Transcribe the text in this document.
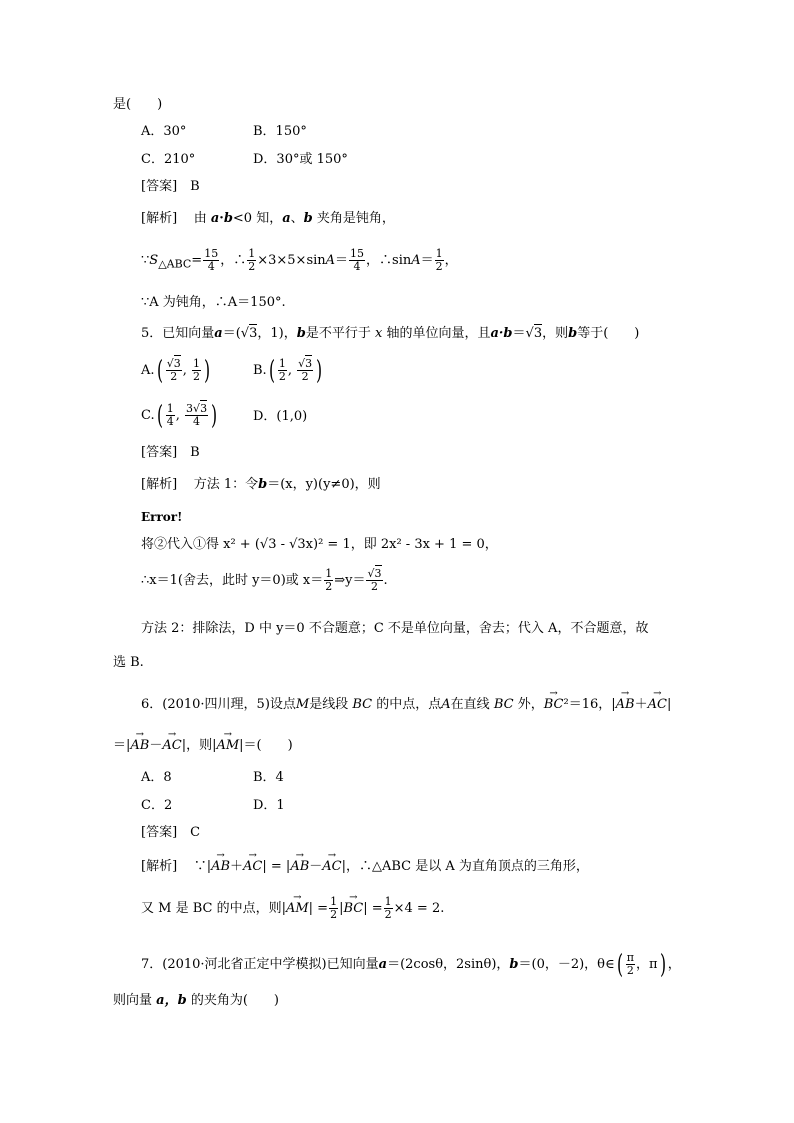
是(　　)
A．30°	B．150°
C．210°	D．30°或 150°
[答案]　B
[解析] 由 a·b<0 知，a、b 夹角是钝角，
$\because S_{\triangle ABC}= \frac{15}{4}$ ，∴ $\frac{1}{2} \times 3\times 5\times\sin A= \frac{15}{4}$ ，∴sinA＝ $\frac{1}{2}$ ，
∵A 为钝角，∴A＝150°.
5．已知向量a＝(√3，1)，b是不平行于 x 轴的单位向量，且a·b＝√3，则b等于(　　)
$A.( \frac{√3}{2}$ , $\frac{1}{2}$ )	$B.( \frac{1}{2}$ , $\frac{√3}{2}$ )
$C.( \frac{1}{4}$ , $\frac{3√3}{4}$ )	D．(1,0)
[答案]　B
[解析] 方法 1：令b＝(x，y)(y≠0)，则
Error!
将②代入①得 x² + (√3 - √3x)² = 1，即 2x² - 3x + 1 = 0，
∴x＝1(舍去，此时 y＝0)或 $x= \frac{1}{2}$ ⇒y＝ $\frac{√3}{2}$ .
方法 2：排除法，D 中 y＝0 不合题意；C 不是单位向量，舍去；代入 A，不合题意，故
选 B.
6．(2010·四川理，5)设点M是线段 BC 的中点，点A在直线 BC 外，→ BC²＝16，|→ AB＋→ AC|
＝|→ AB－→ AC|，则|→ AM|＝(　　)
A．8	B．4
C．2	D．1
[答案]　C
[解析] ∵|→ AB＋→ AC| = |→ AB－→ AC|，∴△ABC 是以 A 为直角顶点的三角形，
又 M 是 BC 的中点，则|→ $AM| = \frac{1}{2}$ |→ $BC| = \frac{1}{2} \times 4 = 2$.
7．(2010·河北省正定中学模拟)已知向量a＝(2cosθ，2sinθ)，b＝(0，－2)，θ∈( $\frac{\pi}{2}$ ，π) ，
则向量 a，b 的夹角为(　　)
